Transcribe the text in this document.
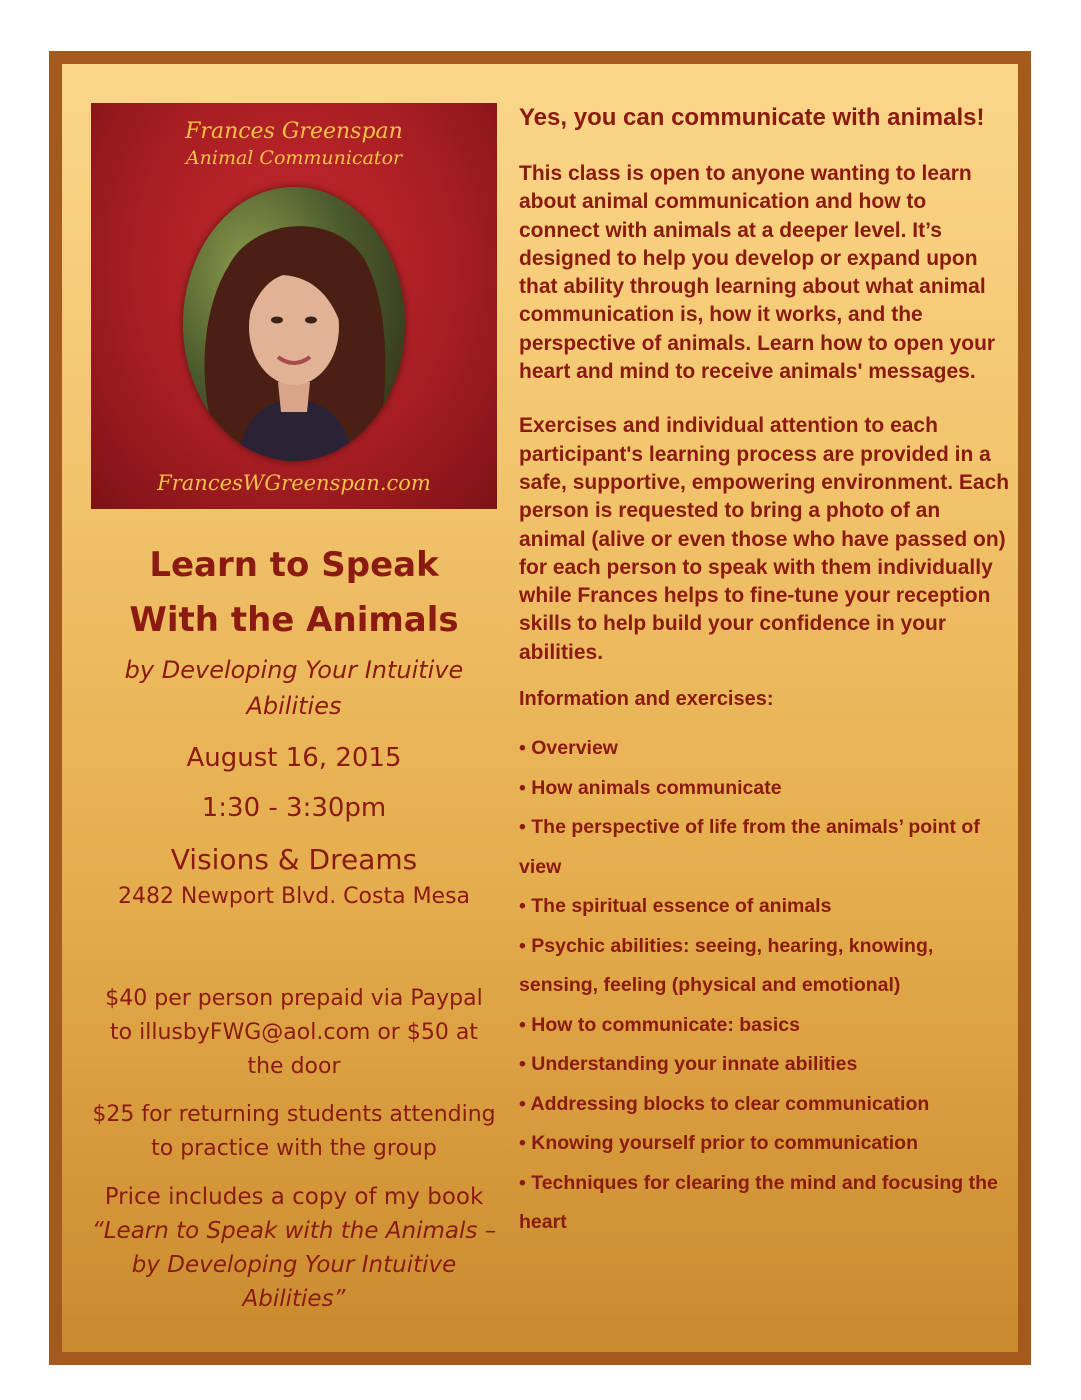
Frances Greenspan
Animal Communicator
FrancesWGreenspan.com
Learn to Speak
With the Animals
by Developing Your Intuitive Abilities
August 16, 2015
1:30 - 3:30pm
Visions & Dreams
2482 Newport Blvd. Costa Mesa
$40 per person prepaid via Paypal to illusbyFWG@aol.com or $50 at the door
$25 for returning students attending to practice with the group
Price includes a copy of my book “Learn to Speak with the Animals – by Developing Your Intuitive Abilities”
Yes, you can communicate with animals!
This class is open to anyone wanting to learn about animal communication and how to connect with animals at a deeper level. It’s designed to help you develop or expand upon that ability through learning about what animal communication is, how it works, and the perspective of animals. Learn how to open your heart and mind to receive animals' messages.
Exercises and individual attention to each participant's learning process are provided in a safe, supportive, empowering environment. Each person is requested to bring a photo of an animal (alive or even those who have passed on) for each person to speak with them individually while Frances helps to fine-tune your reception skills to help build your confidence in your abilities.
Information and exercises:
• Overview
• How animals communicate
• The perspective of life from the animals’ point of view
• The spiritual essence of animals
• Psychic abilities: seeing, hearing, knowing, sensing, feeling (physical and emotional)
• How to communicate: basics
• Understanding your innate abilities
• Addressing blocks to clear communication
• Knowing yourself prior to communication
• Techniques for clearing the mind and focusing the heart
